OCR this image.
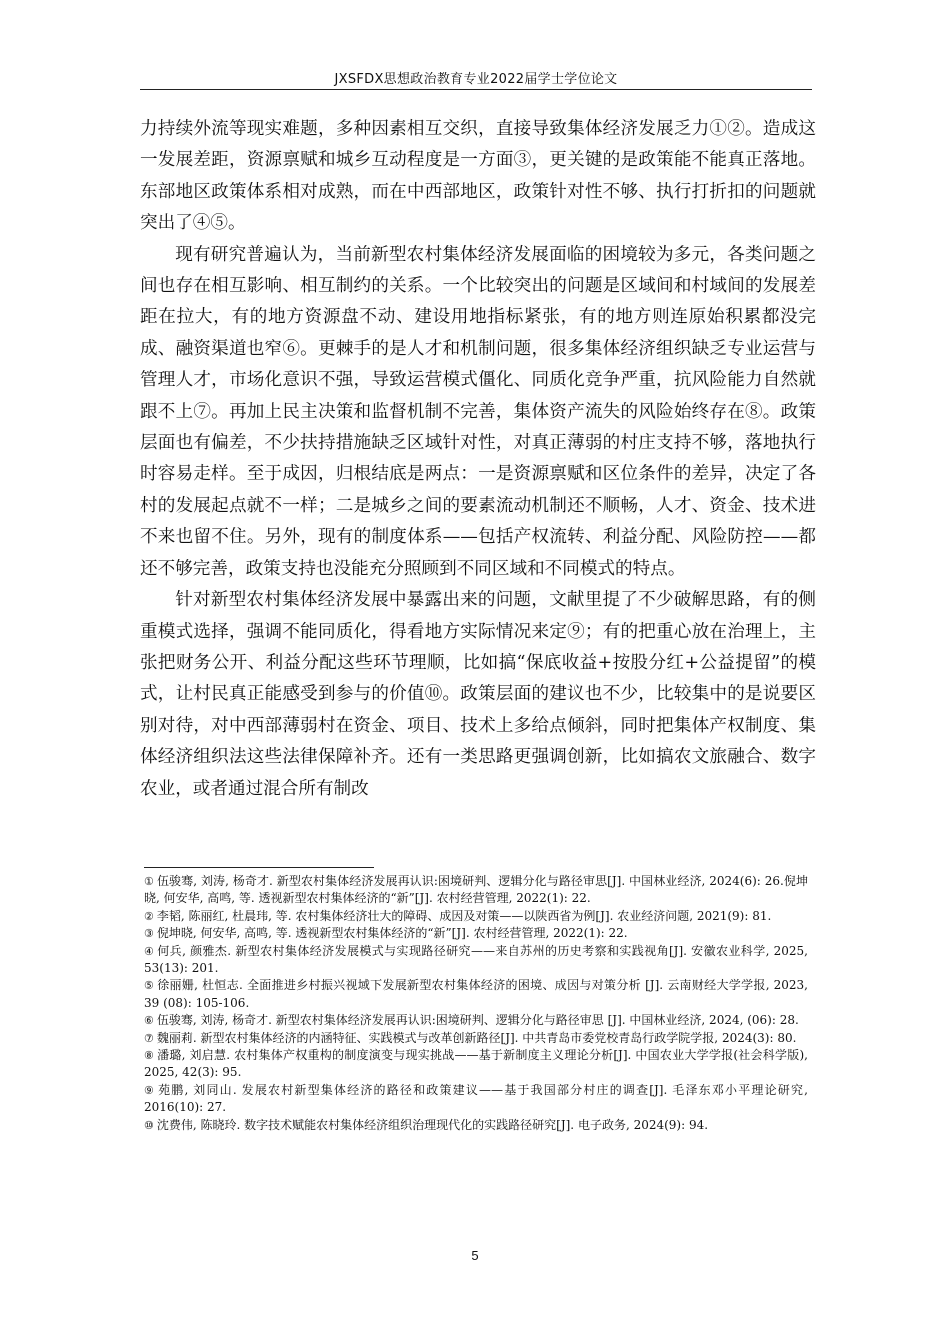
JXSFDX思想政治教育专业2022届学士学位论文

力持续外流等现实难题，多种因素相互交织，直接导致集体经济发展乏力①②。造成这一发展差距，资源禀赋和城乡互动程度是一方面③，更关键的是政策能不能真正落地。东部地区政策体系相对成熟，而在中西部地区，政策针对性不够、执行打折扣的问题就突出了④⑤。

现有研究普遍认为，当前新型农村集体经济发展面临的困境较为多元，各类问题之间也存在相互影响、相互制约的关系。一个比较突出的问题是区域间和村域间的发展差距在拉大，有的地方资源盘不动、建设用地指标紧张，有的地方则连原始积累都没完成、融资渠道也窄⑥。更棘手的是人才和机制问题，很多集体经济组织缺乏专业运营与管理人才，市场化意识不强，导致运营模式僵化、同质化竞争严重，抗风险能力自然就跟不上⑦。再加上民主决策和监督机制不完善，集体资产流失的风险始终存在⑧。政策层面也有偏差，不少扶持措施缺乏区域针对性，对真正薄弱的村庄支持不够，落地执行时容易走样。至于成因，归根结底是两点：一是资源禀赋和区位条件的差异，决定了各村的发展起点就不一样；二是城乡之间的要素流动机制还不顺畅，人才、资金、技术进不来也留不住。另外，现有的制度体系——包括产权流转、利益分配、风险防控——都还不够完善，政策支持也没能充分照顾到不同区域和不同模式的特点。

针对新型农村集体经济发展中暴露出来的问题，文献里提了不少破解思路，有的侧重模式选择，强调不能同质化，得看地方实际情况来定⑨；有的把重心放在治理上，主张把财务公开、利益分配这些环节理顺，比如搞“保底收益+按股分红+公益提留”的模式，让村民真正能感受到参与的价值⑩。政策层面的建议也不少，比较集中的是说要区别对待，对中西部薄弱村在资金、项目、技术上多给点倾斜，同时把集体产权制度、集体经济组织法这些法律保障补齐。还有一类思路更强调创新，比如搞农文旅融合、数字农业，或者通过混合所有制改

① 伍骏骞, 刘涛, 杨奇才. 新型农村集体经济发展再认识:困境研判、逻辑分化与路径审思[J]. 中国林业经济, 2024(6): 26.倪坤晓, 何安华, 高鸣, 等. 透视新型农村集体经济的“新”[J]. 农村经营管理, 2022(1): 22.
② 李韬, 陈丽红, 杜晨玮, 等. 农村集体经济壮大的障碍、成因及对策——以陕西省为例[J]. 农业经济问题, 2021(9): 81.
③ 倪坤晓, 何安华, 高鸣, 等. 透视新型农村集体经济的“新”[J]. 农村经营管理, 2022(1): 22.
④ 何兵, 颜雅杰. 新型农村集体经济发展模式与实现路径研究——来自苏州的历史考察和实践视角[J]. 安徽农业科学, 2025, 53(13): 201.
⑤ 徐丽姗, 杜恒志. 全面推进乡村振兴视域下发展新型农村集体经济的困境、成因与对策分析 [J]. 云南财经大学学报, 2023, 39 (08): 105-106.
⑥ 伍骏骞, 刘涛, 杨奇才. 新型农村集体经济发展再认识:困境研判、逻辑分化与路径审思 [J]. 中国林业经济, 2024, (06): 28.
⑦ 魏丽莉. 新型农村集体经济的内涵特征、实践模式与改革创新路径[J]. 中共青岛市委党校青岛行政学院学报, 2024(3): 80.
⑧ 潘璐, 刘启慧. 农村集体产权重构的制度演变与现实挑战——基于新制度主义理论分析[J]. 中国农业大学学报(社会科学版), 2025, 42(3): 95.
⑨ 苑鹏, 刘同山. 发展农村新型集体经济的路径和政策建议——基于我国部分村庄的调查[J]. 毛泽东邓小平理论研究, 2016(10): 27.
⑩ 沈费伟, 陈晓玲. 数字技术赋能农村集体经济组织治理现代化的实践路径研究[J]. 电子政务, 2024(9): 94.
5
